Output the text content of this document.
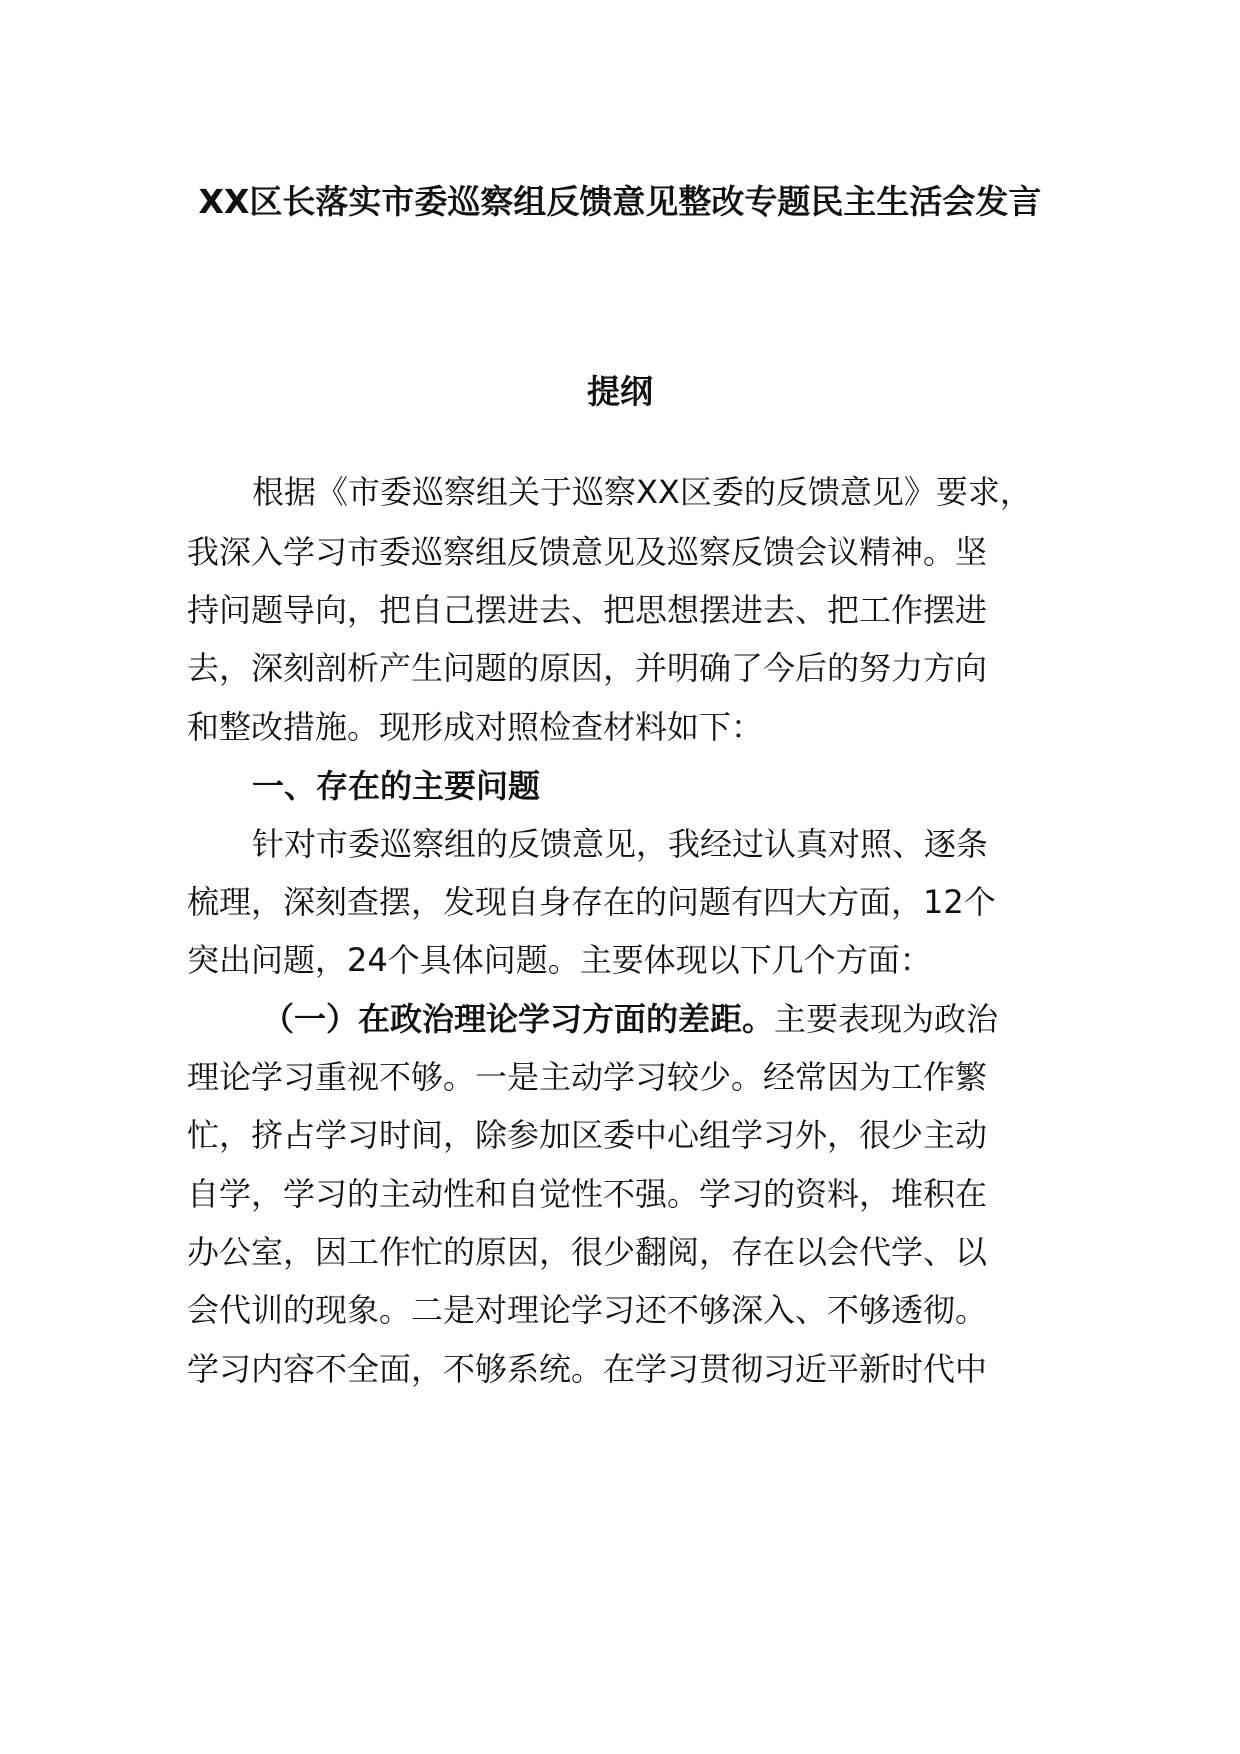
XX区长落实市委巡察组反馈意见整改专题民主生活会发言
提纲
根据《市委巡察组关于巡察XX区委的反馈意见》要求，
我深入学习市委巡察组反馈意见及巡察反馈会议精神。坚
持问题导向，把自己摆进去、把思想摆进去、把工作摆进
去，深刻剖析产生问题的原因，并明确了今后的努力方向
和整改措施。现形成对照检查材料如下：
一、存在的主要问题
针对市委巡察组的反馈意见，我经过认真对照、逐条
梳理，深刻查摆，发现自身存在的问题有四大方面，12个
突出问题，24个具体问题。主要体现以下几个方面：
（一）在政治理论学习方面的差距。主要表现为政治
理论学习重视不够。一是主动学习较少。经常因为工作繁
忙，挤占学习时间，除参加区委中心组学习外，很少主动
自学，学习的主动性和自觉性不强。学习的资料，堆积在
办公室，因工作忙的原因，很少翻阅，存在以会代学、以
会代训的现象。二是对理论学习还不够深入、不够透彻。
学习内容不全面，不够系统。在学习贯彻习近平新时代中
